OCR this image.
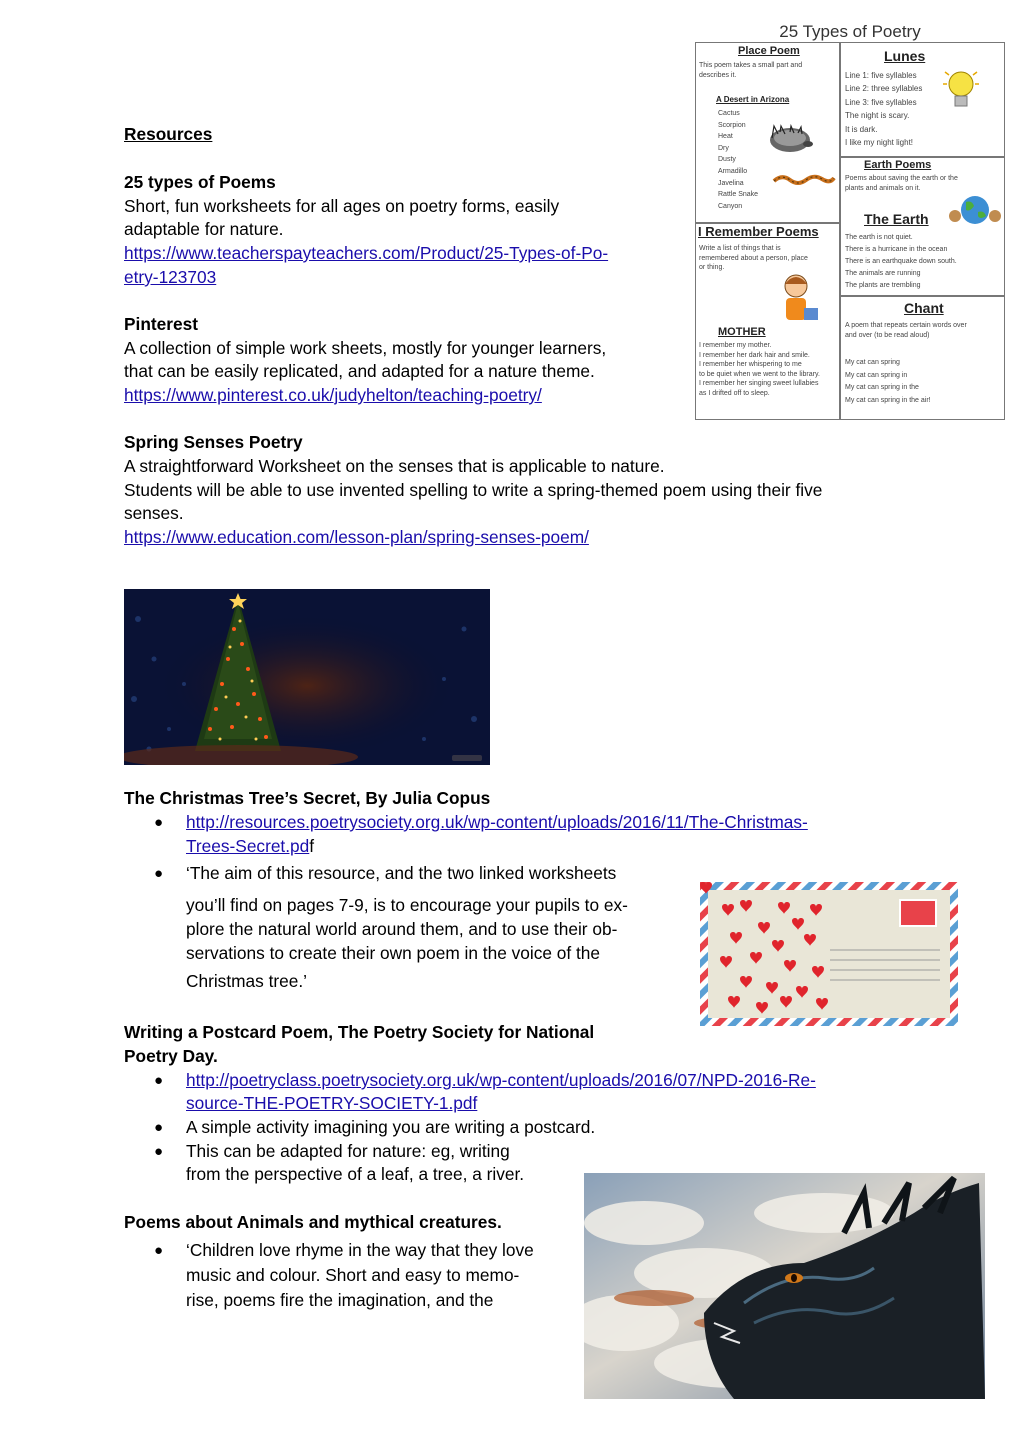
Resources
25 types of Poems
Short, fun worksheets for all ages on poetry forms, easily
adaptable for nature.
https://www.teacherspayteachers.com/Product/25-Types-of-Po-
etry-123703
Pinterest
A collection of simple work sheets, mostly for younger learners,
that can be easily replicated, and adapted for a nature theme.
https://www.pinterest.co.uk/judyhelton/teaching-poetry/
Spring Senses Poetry
A straightforward Worksheet on the senses that is applicable to nature.
Students will be able to use invented spelling to write a spring-themed poem using their five
senses.
https://www.education.com/lesson-plan/spring-senses-poem/
25 Types of Poetry
Place Poem
This poem takes a small part and
describes it.
A Desert in Arizona
Cactus
Scorpion
Heat
Dry
Dusty
Armadillo
Javelina
Rattle Snake
Canyon
Lunes
Line 1: five syllables
Line 2: three syllables
Line 3: five syllables
The night is scary.
It is dark.
I like my night light!
Earth Poems
Poems about saving the earth or the
plants and animals on it.
The Earth
The earth is not quiet.
There is a hurricane in the ocean
There is an earthquake down south.
The animals are running
The plants are trembling
I Remember Poems
Write a list of things that is
remembered about a person, place
or thing.
MOTHER
I remember my mother.
I remember her dark hair and smile.
I remember her whispering to me
to be quiet when we went to the library.
I remember her singing sweet lullabies
as I drifted off to sleep.
Chant
A poem that repeats certain words over
and over (to be read aloud)
My cat can spring
My cat can spring in
My cat can spring in the
My cat can spring in the air!
The Christmas Tree’s Secret, By Julia Copus
● http://resources.poetrysociety.org.uk/wp-content/uploads/2016/11/The-Christmas-
Trees-Secret.pdf
● ‘The aim of this resource, and the two linked worksheets
you’ll find on pages 7-9, is to encourage your pupils to ex-
plore the natural world around them, and to use their ob-
servations to create their own poem in the voice of the
Christmas tree.’
Writing a Postcard Poem, The Poetry Society for National
Poetry Day.
● http://poetryclass.poetrysociety.org.uk/wp-content/uploads/2016/07/NPD-2016-Re-
source-THE-POETRY-SOCIETY-1.pdf
● A simple activity imagining you are writing a postcard.
● This can be adapted for nature: eg, writing
from the perspective of a leaf, a tree, a river.
Poems about Animals and mythical creatures.
● ‘Children love rhyme in the way that they love
music and colour. Short and easy to memo-
rise, poems fire the imagination, and the
